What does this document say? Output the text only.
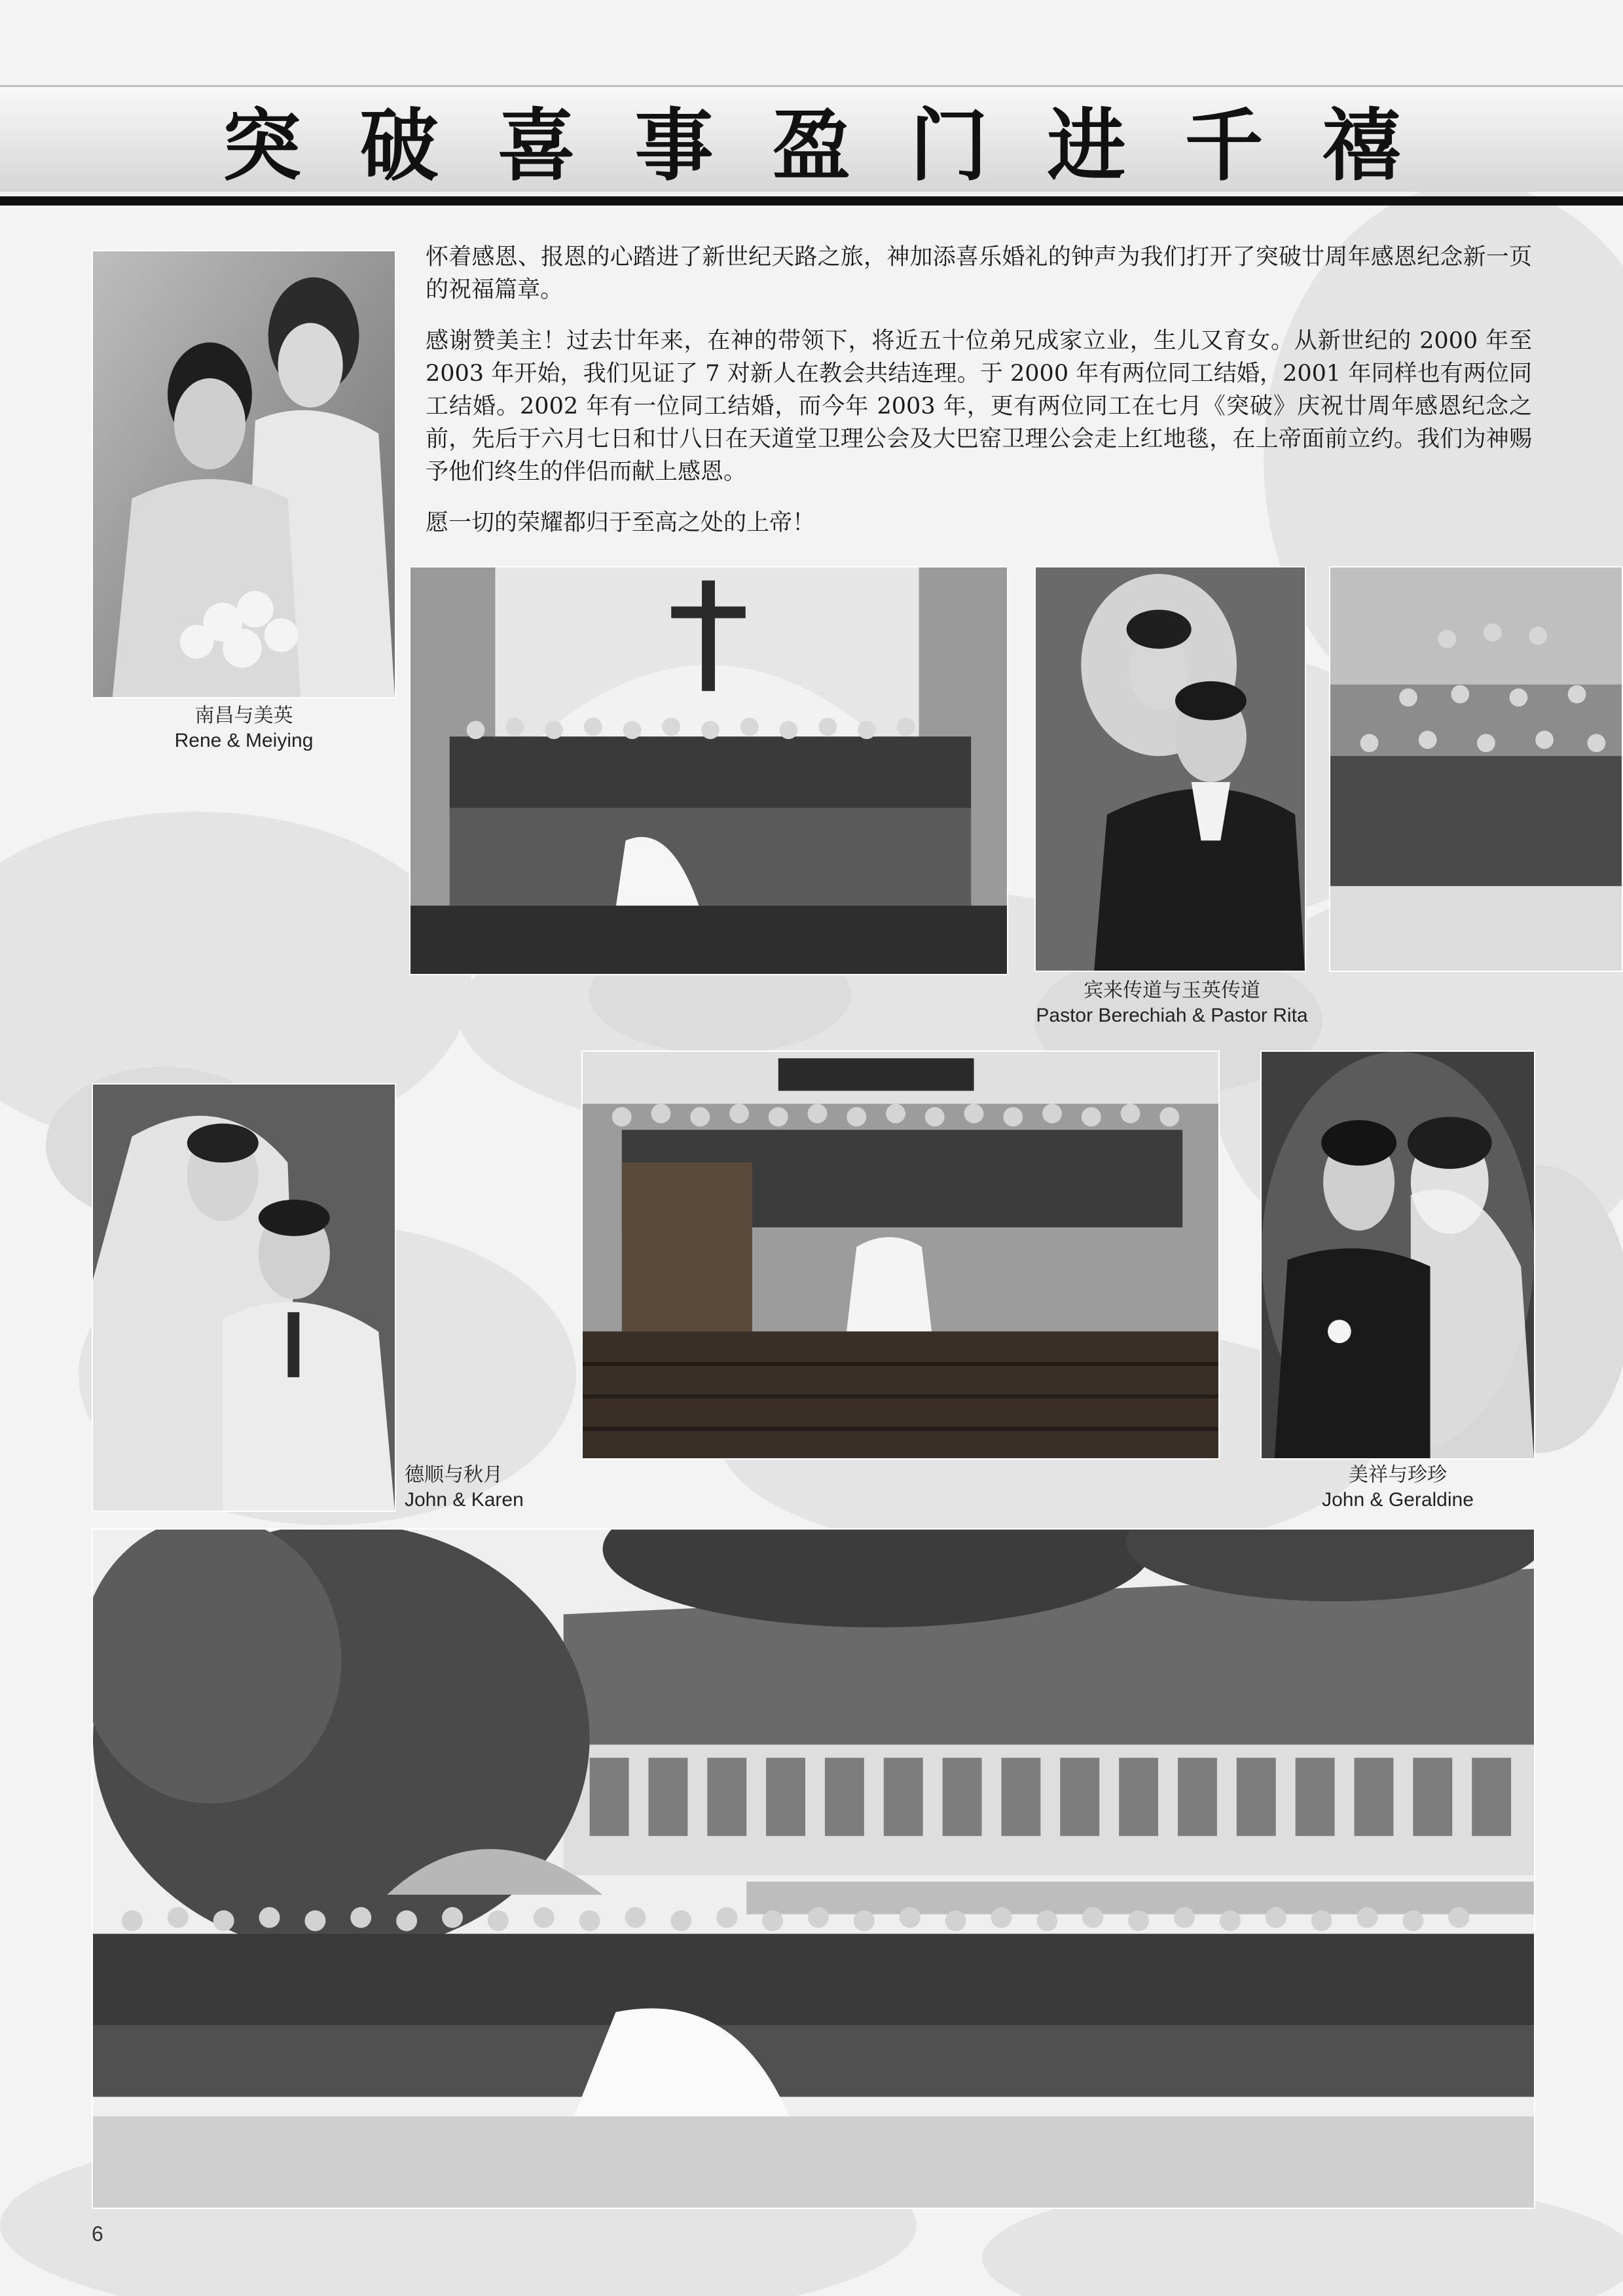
突破喜事盈门进千禧

怀着感恩、报恩的心踏进了新世纪天路之旅，神加添喜乐婚礼的钟声为我们打开了突破廿周年感恩纪念新一页的祝福篇章。

感谢赞美主！过去廿年来，在神的带领下，将近五十位弟兄成家立业，生儿又育女。从新世纪的 2000 年至 2003 年开始，我们见证了 7 对新人在教会共结连理。于 2000 年有两位同工结婚，2001 年同样也有两位同工结婚。2002 年有一位同工结婚，而今年 2003 年，更有两位同工在七月《突破》庆祝廿周年感恩纪念之前，先后于六月七日和廿八日在天道堂卫理公会及大巴窑卫理公会走上红地毯，在上帝面前立约。我们为神赐予他们终生的伴侣而献上感恩。

愿一切的荣耀都归于至高之处的上帝！

南昌与美英
Rene & Meiying
宾来传道与玉英传道
Pastor Berechiah & Pastor Rita
德顺与秋月
John & Karen
美祥与珍珍
John & Geraldine
6
